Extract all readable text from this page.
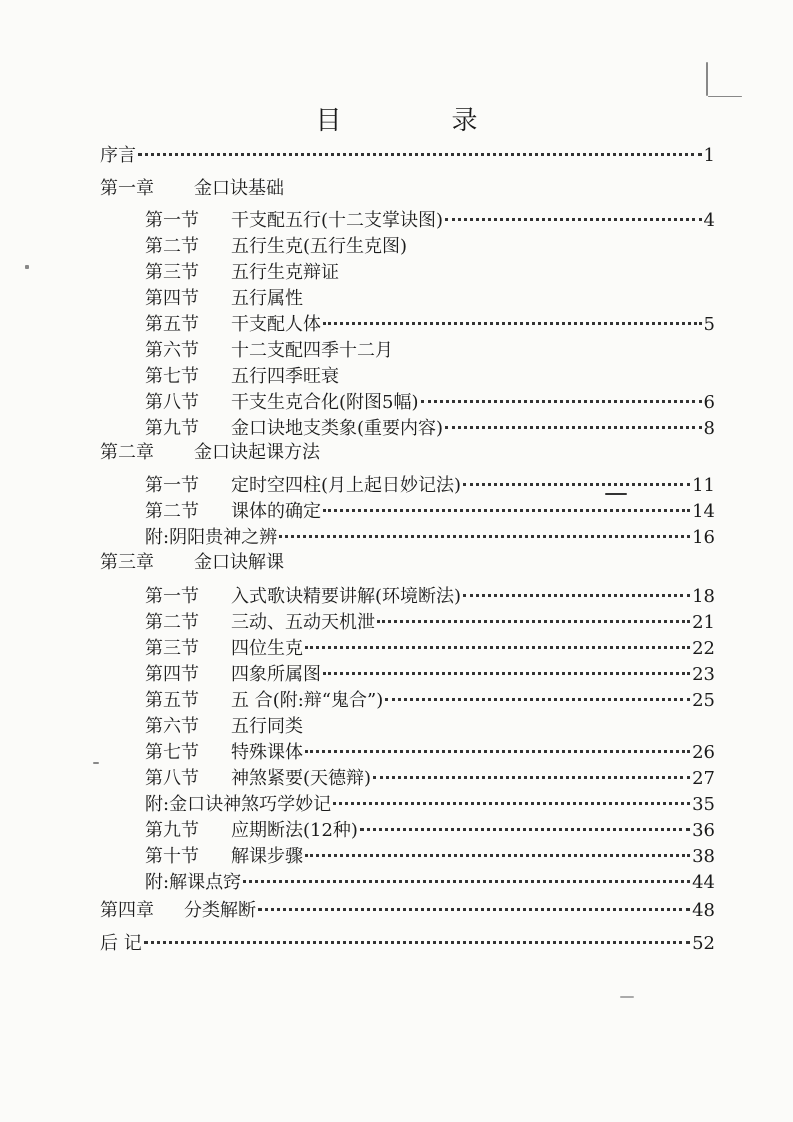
目　录
序言	1
第一章 金口诀基础
第一节	干支配五行(十二支掌诀图)	4
第二节	五行生克(五行生克图)
第三节	五行生克辩证
第四节	五行属性
第五节	干支配人体	5
第六节	十二支配四季十二月
第七节	五行四季旺衰
第八节	干支生克合化(附图5幅)	6
第九节	金口诀地支类象(重要内容)	8
第二章 金口诀起课方法
第一节	定时空四柱(月上起日妙记法)	11
第二节	课体的确定	14
附:阴阳贵神之辨	16
第三章 金口诀解课
第一节	入式歌诀精要讲解(环境断法)	18
第二节	三动、五动天机泄	21
第三节	四位生克	22
第四节	四象所属图	23
第五节	五 合(附:辩“鬼合”)	25
第六节	五行同类
第七节	特殊课体	26
第八节	神煞紧要(天德辩)	27
附:金口诀神煞巧学妙记	35
第九节	应期断法(12种)	36
第十节	解课步骤	38
附:解课点窍	44
第四章 分类解断	48
后 记	52
